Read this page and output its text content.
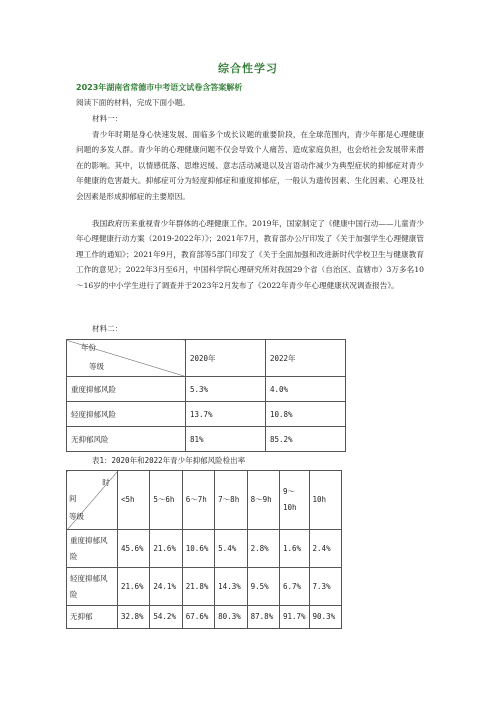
综合性学习
2023年湖南省常德市中考语文试卷含答案解析
阅读下面的材料，完成下面小题。
材料一：
青少年时期是身心快速发展、面临多个成长议题的重要阶段，在全球范围内，青少年都是心理健康问题的多发人群。青少年的心理健康问题不仅会导致个人痛苦、造成家庭负担，也会给社会发展带来潜在的影响。其中，以情感低落、思维迟缓、意志活动减退以及言语动作减少为典型症状的抑郁症对青少年健康的危害最大。抑郁症可分为轻度抑郁症和重度抑郁症，一般认为遗传因素、生化因素、心理及社会因素是形成抑郁症的主要原因。
我国政府历来重视青少年群体的心理健康工作。2019年，国家制定了《健康中国行动——儿童青少年心理健康行动方案（2019-2022年）》；2021年7月，教育部办公厅印发了《关于加强学生心理健康管理工作的通知》；2021年9月，教育部等5部门印发了《关于全面加强和改进新时代学校卫生与健康教育工作的意见》；2022年3月至6月，中国科学院心理研究所对我国29个省（自治区、直辖市）3万多名10～16岁的中小学生进行了调查并于2023年2月发布了《2022年青少年心理健康状况调查报告》。
材料二：
年份
等级	2020年	2022年
重度抑郁风险	5.3%	4.0%
轻度抑郁风险	13.7%	10.8%
无抑郁风险	81%	85.2%
表1：2020年和2022年青少年抑郁风险检出率
时
间
等级	<5h	5～6h	6～7h	7～8h	8～9h	9～10h	10h
重度抑郁风险	45.6%	21.6%	10.6%	5.4%	2.8%	1.6%	2.4%
轻度抑郁风险	21.6%	24.1%	21.8%	14.3%	9.5%	6.7%	7.3%
无抑郁	32.8%	54.2%	67.6%	80.3%	87.8%	91.7%	90.3%
